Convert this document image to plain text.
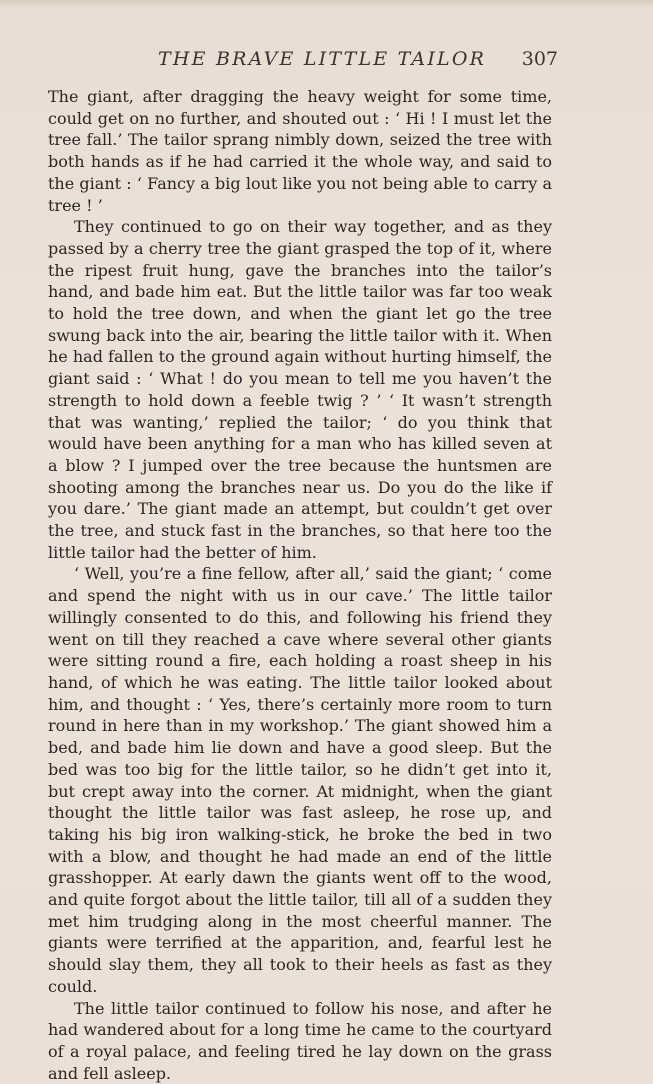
THE BRAVE LITTLE TAILOR 307

The giant, after dragging the heavy weight for some time, could get on no further, and shouted out : ‘ Hi ! I must let the tree fall.’ The tailor sprang nimbly down, seized the tree with both hands as if he had carried it the whole way, and said to the giant : ‘ Fancy a big lout like you not being able to carry a tree ! ’

They continued to go on their way together, and as they passed by a cherry tree the giant grasped the top of it, where the ripest fruit hung, gave the branches into the tailor’s hand, and bade him eat. But the little tailor was far too weak to hold the tree down, and when the giant let go the tree swung back into the air, bearing the little tailor with it. When he had fallen to the ground again without hurting himself, the giant said : ‘ What ! do you mean to tell me you haven’t the strength to hold down a feeble twig ? ’ ‘ It wasn’t strength that was wanting,’ replied the tailor; ‘ do you think that would have been anything for a man who has killed seven at a blow ? I jumped over the tree because the huntsmen are shooting among the branches near us. Do you do the like if you dare.’ The giant made an attempt, but couldn’t get over the tree, and stuck fast in the branches, so that here too the little tailor had the better of him.

‘ Well, you’re a fine fellow, after all,’ said the giant; ‘ come and spend the night with us in our cave.’ The little tailor willingly consented to do this, and following his friend they went on till they reached a cave where several other giants were sitting round a fire, each holding a roast sheep in his hand, of which he was eating. The little tailor looked about him, and thought : ‘ Yes, there’s certainly more room to turn round in here than in my workshop.’ The giant showed him a bed, and bade him lie down and have a good sleep. But the bed was too big for the little tailor, so he didn’t get into it, but crept away into the corner. At midnight, when the giant thought the little tailor was fast asleep, he rose up, and taking his big iron walking-stick, he broke the bed in two with a blow, and thought he had made an end of the little grasshopper. At early dawn the giants went off to the wood, and quite forgot about the little tailor, till all of a sudden they met him trudging along in the most cheerful manner. The giants were terrified at the apparition, and, fearful lest he should slay them, they all took to their heels as fast as they could.

The little tailor continued to follow his nose, and after he had wandered about for a long time he came to the courtyard of a royal palace, and feeling tired he lay down on the grass and fell asleep.
